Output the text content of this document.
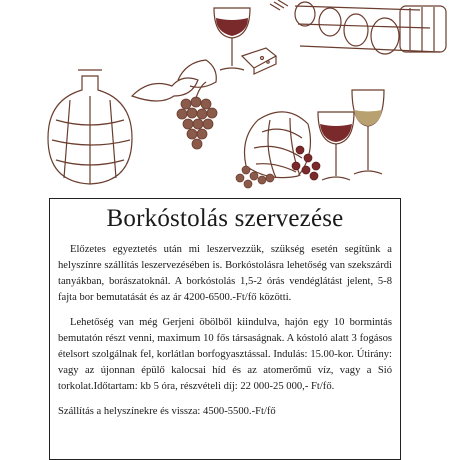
Borkóstolás szervezése

Előzetes egyeztetés után mi leszervezzük, szükség esetén segítünk a helyszínre szállítás leszervezésében is. Borkóstolásra lehetőség van szekszárdi tanyákban, borászatoknál. A borkóstolás 1,5-2 órás vendéglátást jelent, 5-8 fajta bor bemutatását és az ár 4200-6500.-Ft/fő közötti.

Lehetőség van még Gerjeni öbölből kiindulva, hajón egy 10 bormintás bemutatón részt venni, maximum 10 fős társaságnak. A kóstoló alatt 3 fogásos ételsort szolgálnak fel, korlátlan borfogyasztással. Indulás: 15.00-kor. Útirány: vagy az újonnan épülő kalocsai híd és az atomerőmű víz, vagy a Sió torkolat.Időtartam: kb 5 óra, részvételi díj: 22 000-25 000,- Ft/fő.

Szállítás a helyszínekre és vissza: 4500-5500.-Ft/fő
